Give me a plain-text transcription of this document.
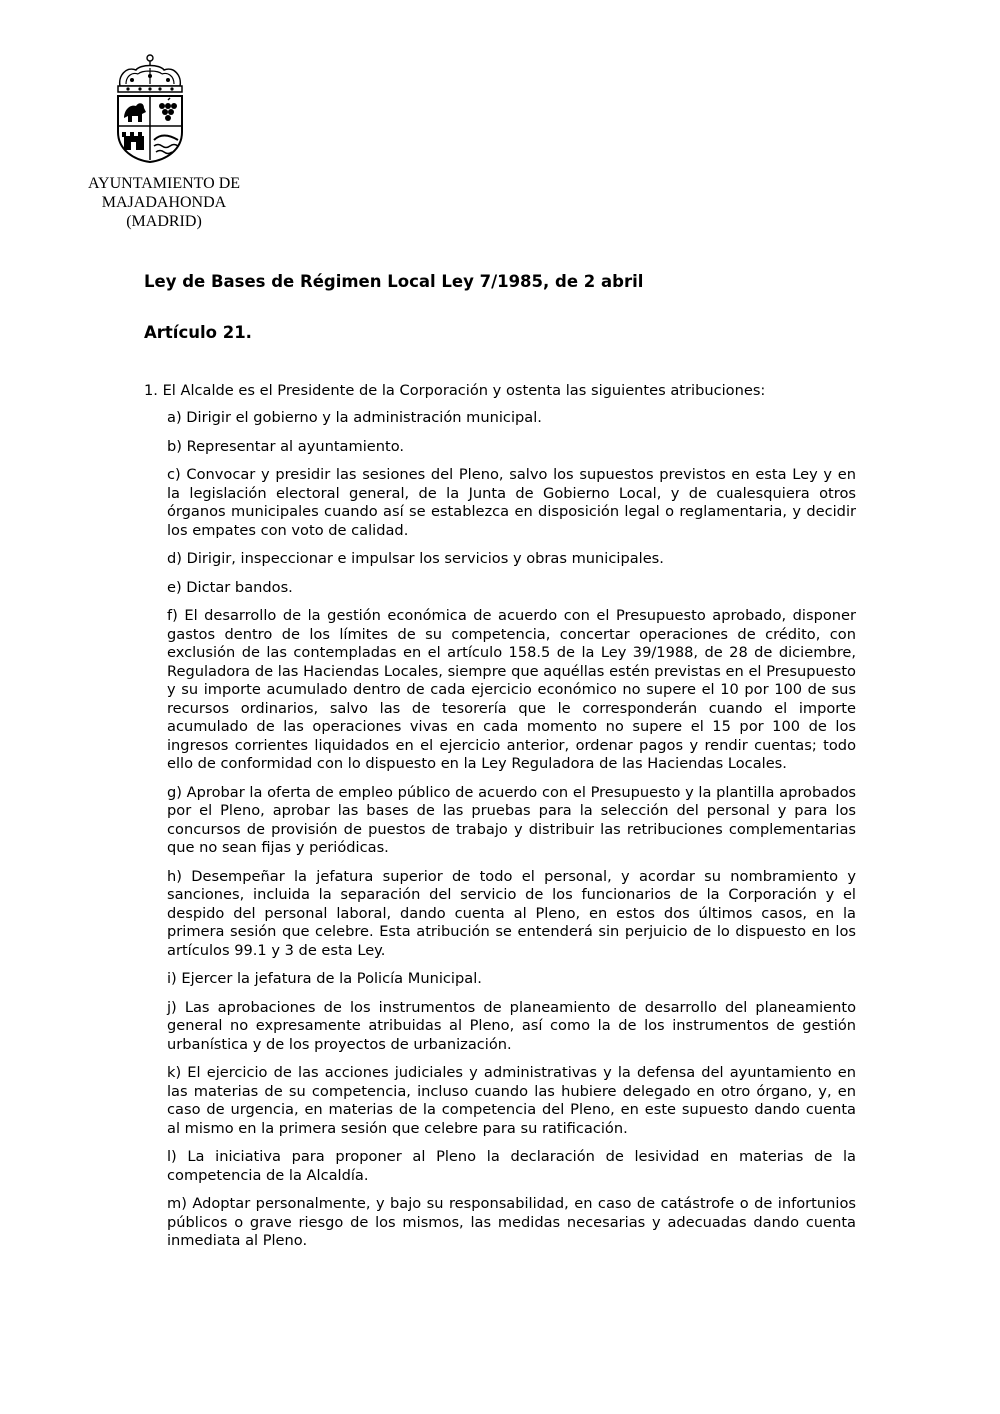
AYUNTAMIENTO DE
MAJADAHONDA
(MADRID)

Ley de Bases de Régimen Local Ley 7/1985, de 2 abril

Artículo 21.

1. El Alcalde es el Presidente de la Corporación y ostenta las siguientes atribuciones:

a) Dirigir el gobierno y la administración municipal.

b) Representar al ayuntamiento.

c) Convocar y presidir las sesiones del Pleno, salvo los supuestos previstos en esta Ley y en la legislación electoral general, de la Junta de Gobierno Local, y de cualesquiera otros órganos municipales cuando así se establezca en disposición legal o reglamentaria, y decidir los empates con voto de calidad.

d) Dirigir, inspeccionar e impulsar los servicios y obras municipales.

e) Dictar bandos.

f) El desarrollo de la gestión económica de acuerdo con el Presupuesto aprobado, disponer gastos dentro de los límites de su competencia, concertar operaciones de crédito, con exclusión de las contempladas en el artículo 158.5 de la Ley 39/1988, de 28 de diciembre, Reguladora de las Haciendas Locales, siempre que aquéllas estén previstas en el Presupuesto y su importe acumulado dentro de cada ejercicio económico no supere el 10 por 100 de sus recursos ordinarios, salvo las de tesorería que le corresponderán cuando el importe acumulado de las operaciones vivas en cada momento no supere el 15 por 100 de los ingresos corrientes liquidados en el ejercicio anterior, ordenar pagos y rendir cuentas; todo ello de conformidad con lo dispuesto en la Ley Reguladora de las Haciendas Locales.

g) Aprobar la oferta de empleo público de acuerdo con el Presupuesto y la plantilla aprobados por el Pleno, aprobar las bases de las pruebas para la selección del personal y para los concursos de provisión de puestos de trabajo y distribuir las retribuciones complementarias que no sean fijas y periódicas.

h) Desempeñar la jefatura superior de todo el personal, y acordar su nombramiento y sanciones, incluida la separación del servicio de los funcionarios de la Corporación y el despido del personal laboral, dando cuenta al Pleno, en estos dos últimos casos, en la primera sesión que celebre. Esta atribución se entenderá sin perjuicio de lo dispuesto en los artículos 99.1 y 3 de esta Ley.

i) Ejercer la jefatura de la Policía Municipal.

j) Las aprobaciones de los instrumentos de planeamiento de desarrollo del planeamiento general no expresamente atribuidas al Pleno, así como la de los instrumentos de gestión urbanística y de los proyectos de urbanización.

k) El ejercicio de las acciones judiciales y administrativas y la defensa del ayuntamiento en las materias de su competencia, incluso cuando las hubiere delegado en otro órgano, y, en caso de urgencia, en materias de la competencia del Pleno, en este supuesto dando cuenta al mismo en la primera sesión que celebre para su ratificación.

l) La iniciativa para proponer al Pleno la declaración de lesividad en materias de la competencia de la Alcaldía.

m) Adoptar personalmente, y bajo su responsabilidad, en caso de catástrofe o de infortunios públicos o grave riesgo de los mismos, las medidas necesarias y adecuadas dando cuenta inmediata al Pleno.
